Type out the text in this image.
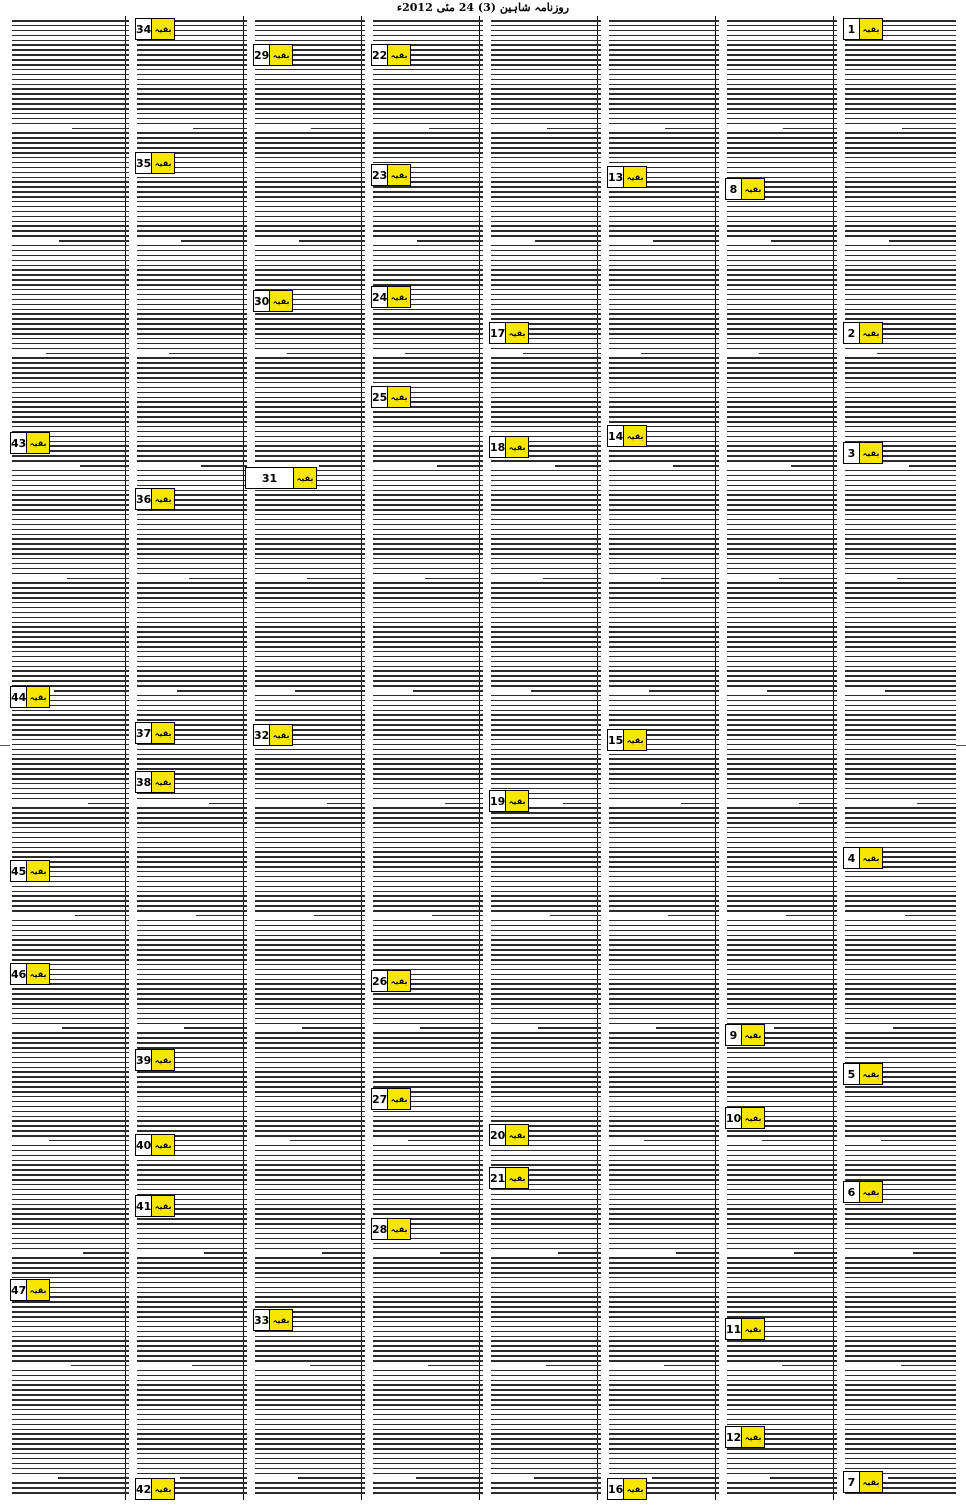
روزنامہ شاہین (3) 24 مئی 2012ء
1 بقیہ
2 بقیہ
3 بقیہ
4 بقیہ
5 بقیہ
6 بقیہ
7 بقیہ
8 بقیہ
9 بقیہ
10 بقیہ
11 بقیہ
12 بقیہ
13 بقیہ
14 بقیہ
15 بقیہ
16 بقیہ
17 بقیہ
18 بقیہ
19 بقیہ
20 بقیہ
21 بقیہ
22 بقیہ
23 بقیہ
24 بقیہ
25 بقیہ
26 بقیہ
27 بقیہ
28 بقیہ
29 بقیہ
30 بقیہ
31	بقیہ
32 بقیہ
33 بقیہ
34 بقیہ
35 بقیہ
36 بقیہ
37 بقیہ
38 بقیہ
39 بقیہ
40 بقیہ
41 بقیہ
42 بقیہ
43 بقیہ
44 بقیہ
45 بقیہ
46 بقیہ
47 بقیہ
